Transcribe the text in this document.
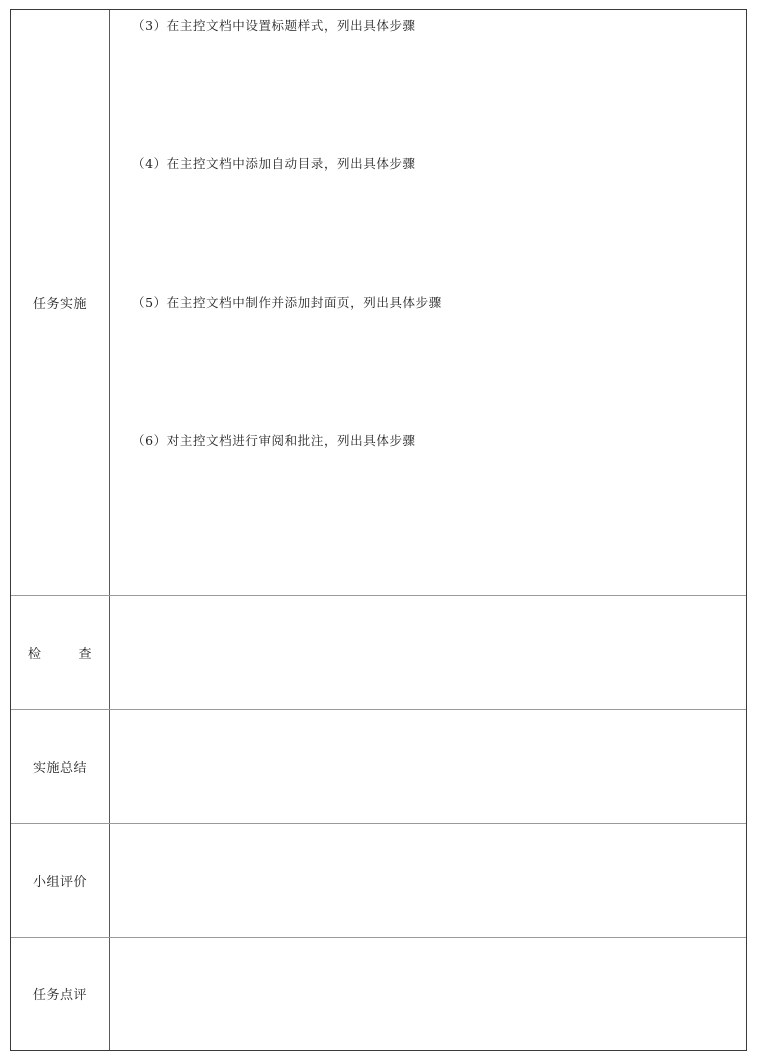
任务实施
（3）在主控文档中设置标题样式，列出具体步骤
（4）在主控文档中添加自动目录，列出具体步骤
（5）在主控文档中制作并添加封面页，列出具体步骤
（6）对主控文档进行审阅和批注，列出具体步骤
检        查
实施总结
小组评价
任务点评
